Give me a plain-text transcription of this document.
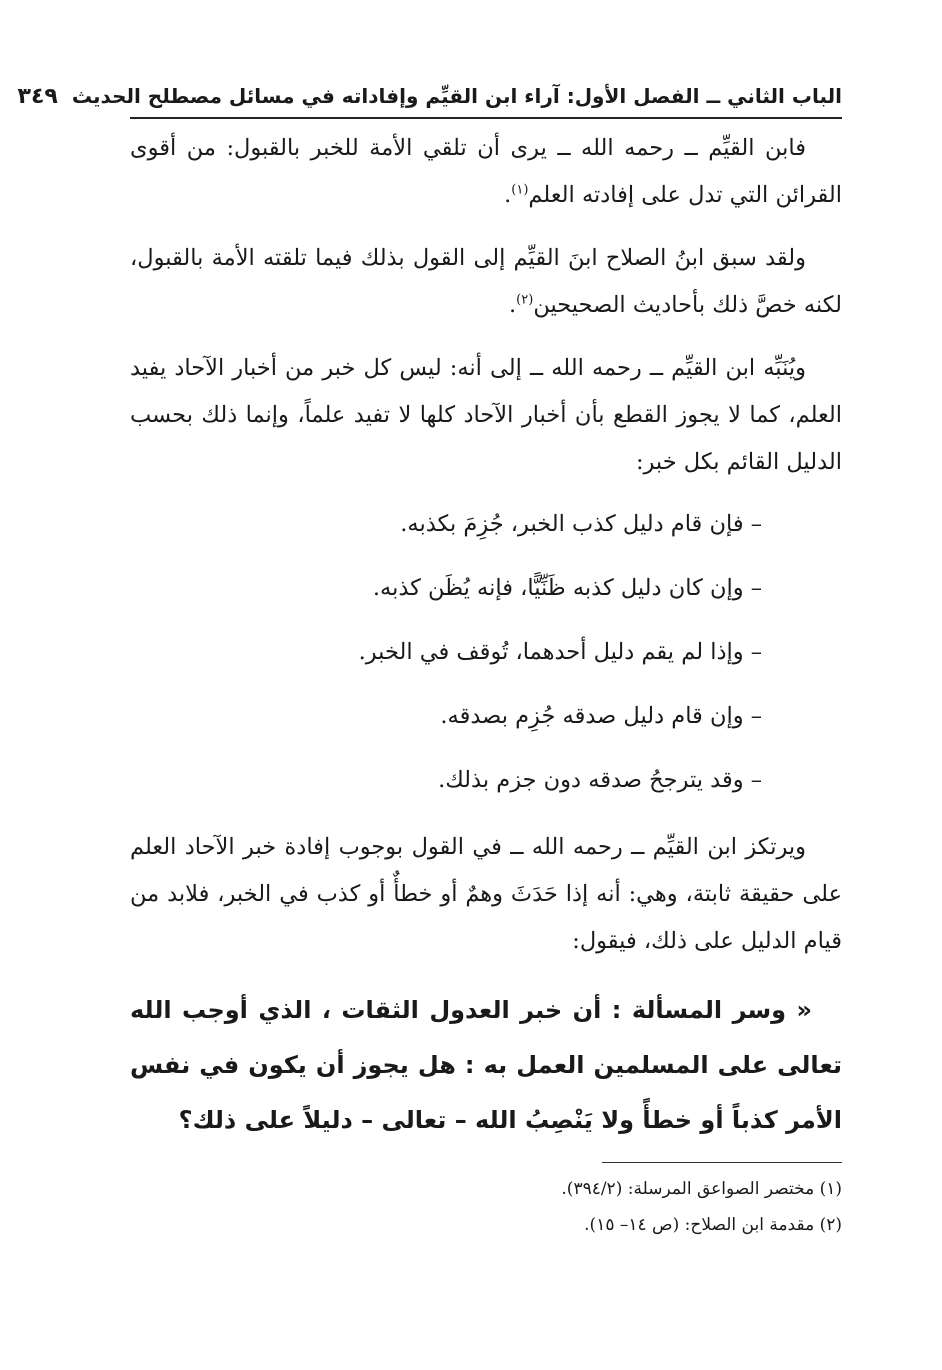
الباب الثاني ــ الفصل الأول: آراء ابن القيِّم وإفاداته في مسائل مصطلح الحديث
٣٤٩

فابن القيِّم ــ رحمه الله ــ يرى أن تلقي الأمة للخبر بالقبول: من أقوى القرائن التي تدل على إفادته العلم$^{(١)}$.

ولقد سبق ابنُ الصلاح ابنَ القيِّم إلى القول بذلك فيما تلقته الأمة بالقبول، لكنه خصَّ ذلك بأحاديث الصحيحين$^{(٢)}$.

ويُنَبِّه ابن القيِّم ــ رحمه الله ــ إلى أنه: ليس كل خبر من أخبار الآحاد يفيد العلم، كما لا يجوز القطع بأن أخبار الآحاد كلها لا تفيد علماً، وإنما ذلك بحسب الدليل القائم بكل خبر:

– فإن قام دليل كذب الخبر، جُزِمَ بكذبه.

– وإن كان دليل كذبه ظَنِّيًّا، فإنه يُظَن كذبه.

– وإذا لم يقم دليل أحدهما، تُوقف في الخبر.

– وإن قام دليل صدقه جُزِم بصدقه.

– وقد يترجحُ صدقه دون جزم بذلك.

ويرتكز ابن القيِّم ــ رحمه الله ــ في القول بوجوب إفادة خبر الآحاد العلم على حقيقة ثابتة، وهي: أنه إذا حَدَثَ وهمٌ أو خطأٌ أو كذب في الخبر، فلابد من قيام الدليل على ذلك، فيقول:

« وسر المسألة : أن خبر العدول الثقات ، الذي أوجب الله تعالى على المسلمين العمل به : هل يجوز أن يكون في نفس الأمر كذباً أو خطأً ولا يَنْصِبُ الله – تعالى – دليلاً على ذلك؟

(١) مختصر الصواعق المرسلة: (٣٩٤/٢).

(٢) مقدمة ابن الصلاح: (ص ١٤– ١٥).
